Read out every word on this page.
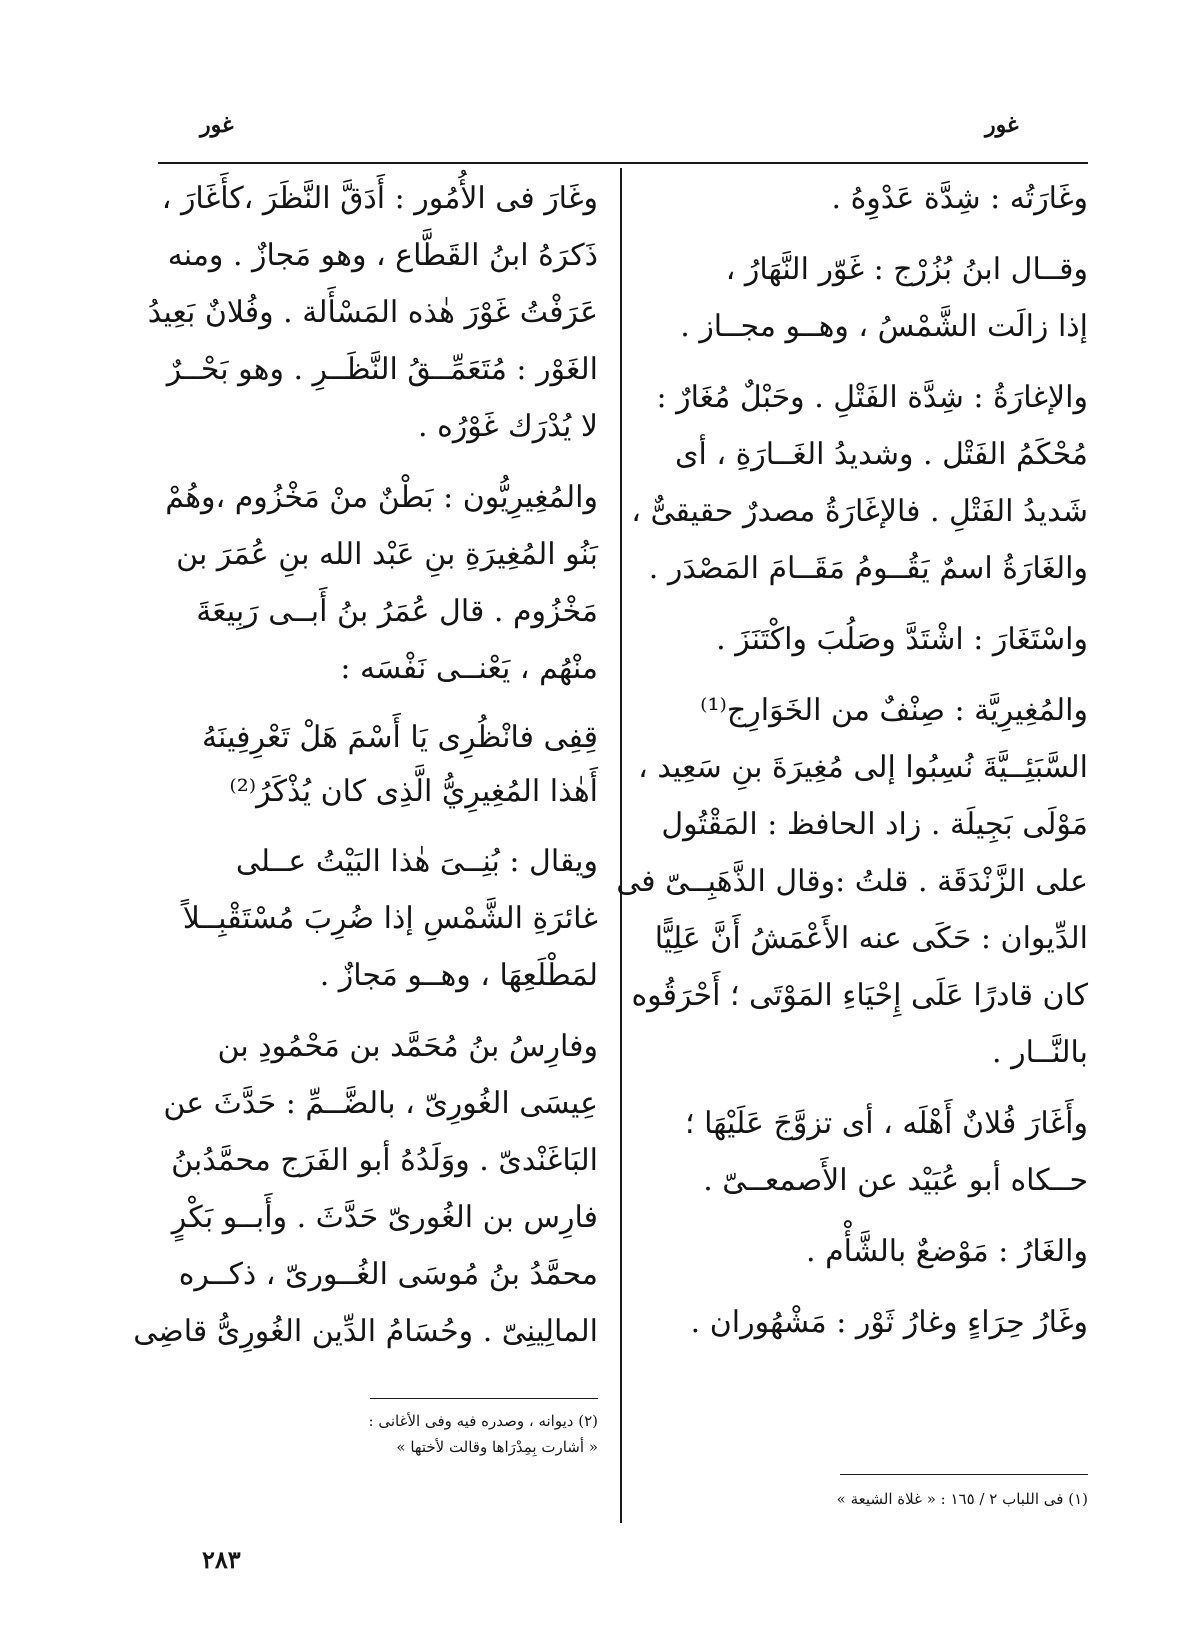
غور
غور
وغَارَتُه : شِدَّة عَدْوِهُ .
وقــال ابنُ بُزُرْج : غَوّر النَّهَارُ ،
إذا زالَت الشَّمْسُ ، وهــو مجــاز .
والإغارَةُ : شِدَّة الفَتْلِ . وحَبْلٌ مُغَارٌ :
مُحْكَمُ الفَتْل . وشديدُ الغَــارَةِ ، أى
شَديدُ الفَتْلِ . فالإغَارَةُ مصدرٌ حقيقىٌّ ،
والغَارَةُ اسمٌ يَقُــومُ مَقَــامَ المَصْدَر .
واسْتَغَارَ : اشْتَدَّ وصَلُبَ واكْتَنَزَ .
والمُغِيرِيَّة : صِنْفٌ من الخَوَارِج⁽¹⁾
السَّبَئِــيَّةَ نُسِبُوا إلى مُغِيرَةَ بنِ سَعِيد ،
مَوْلَى بَجِيلَة . زاد الحافظ : المَقْتُول
على الزَّنْدَقَة . قلتُ :وقال الذَّهَبِــىّ فى
الدِّيوان : حَكَى عنه الأَعْمَشُ أَنَّ عَلِيًّا
كان قادرًا عَلَى إِحْيَاءِ المَوْتَى ؛ أَحْرَقُوه
بالنَّــار .
وأَغَارَ فُلانٌ أَهْلَه ، أى تزوَّجَ عَلَيْهَا ؛
حــكاه أبو عُبَيْد عن الأَصمعــىّ .
والغَارُ : مَوْضعٌ بالشَّأْم .
وغَارُ حِرَاءٍ وغارُ ثَوْر : مَشْهُوران .
وغَارَ فى الأُمُور : أَدَقَّ النَّظَرَ ،كأَغَارَ ،
ذَكرَهُ ابنُ القَطَّاع ، وهو مَجازٌ . ومنه
عَرَفْتُ غَوْرَ هٰذه المَسْأَلة . وفُلانٌ بَعِيدُ
الغَوْر : مُتَعَمِّــقُ النَّظَــرِ . وهو بَحْــرٌ
لا يُدْرَك غَوْرُه .
والمُغِيرِيُّون : بَطْنٌ منْ مَخْزُوم ،وهُمْ
بَنُو المُغِيرَةِ بنِ عَبْد الله بنِ عُمَرَ بن
مَخْزُوم . قال عُمَرُ بنُ أَبــى رَبِيعَةَ
منْهُم ، يَعْنــى نَفْسَه :
قِفِى فانْظُرِى يَا أَسْمَ هَلْ تَعْرِفِينَهُ
أَهٰذا المُغِيرِيُّ الَّذِى كان يُذْكَرُ⁽²⁾
ويقال : بُنِــىَ هٰذا البَيْتُ عــلى
غائرَةِ الشَّمْسِ إذا ضُرِبَ مُسْتَقْبِــلاً
لمَطْلَعِهَا ، وهــو مَجازٌ .
وفارِسُ بنُ مُحَمَّد بن مَحْمُودِ بن
عِيسَى الغُورِىّ ، بالضَّــمِّ : حَدَّثَ عن
البَاغَنْدىّ . ووَلَدُهُ أبو الفَرَج محمَّدُبنُ
فارِس بن الغُورىّ حَدَّثَ . وأَبــو بَكْرٍ
محمَّدُ بنُ مُوسَى الغُــورىّ ، ذكــره
المالِينِىّ . وحُسَامُ الدِّين الغُورِىُّ قاضِى
(١) فى اللباب ٢ / ١٦٥ : « غلاة الشيعة »
(٢) ديوانه ، وصدره فيه وفى الأغانى :
« أشارت بِمِدْرَاها وقالت لأختها »
٢٨٣
